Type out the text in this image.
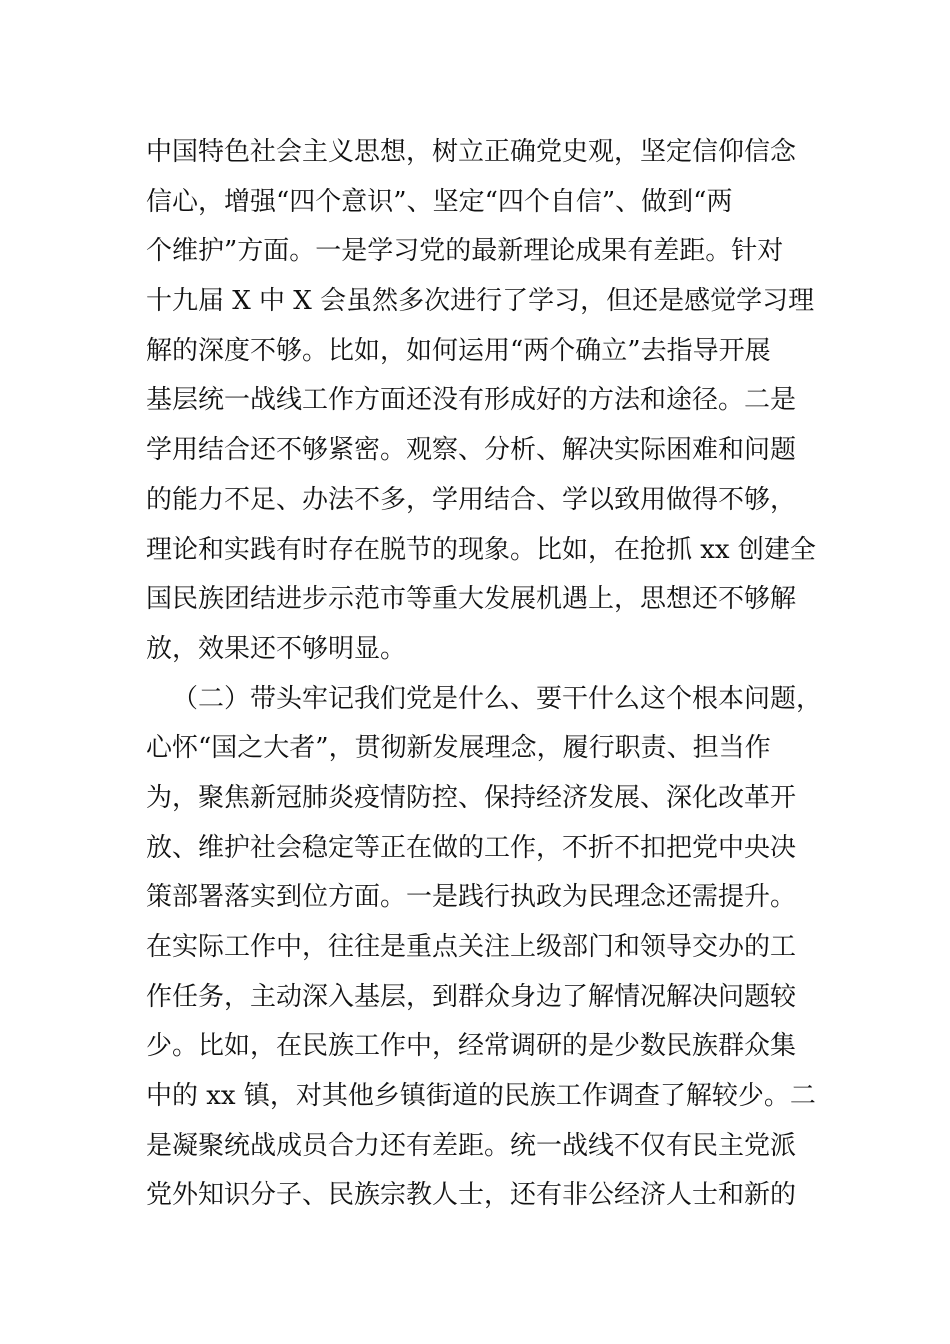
中国特色社会主义思想，树立正确党史观，坚定信仰信念
信心，增强“四个意识”、坚定“四个自信”、做到“两
个维护”方面。一是学习党的最新理论成果有差距。针对
十九届 X 中 X 会虽然多次进行了学习，但还是感觉学习理
解的深度不够。比如，如何运用“两个确立”去指导开展
基层统一战线工作方面还没有形成好的方法和途径。二是
学用结合还不够紧密。观察、分析、解决实际困难和问题
的能力不足、办法不多，学用结合、学以致用做得不够，
理论和实践有时存在脱节的现象。比如，在抢抓 xx 创建全
国民族团结进步示范市等重大发展机遇上，思想还不够解
放，效果还不够明显。
（二）带头牢记我们党是什么、要干什么这个根本问题，
心怀“国之大者”，贯彻新发展理念，履行职责、担当作
为，聚焦新冠肺炎疫情防控、保持经济发展、深化改革开
放、维护社会稳定等正在做的工作，不折不扣把党中央决
策部署落实到位方面。一是践行执政为民理念还需提升。
在实际工作中，往往是重点关注上级部门和领导交办的工
作任务，主动深入基层，到群众身边了解情况解决问题较
少。比如，在民族工作中，经常调研的是少数民族群众集
中的 xx 镇，对其他乡镇街道的民族工作调查了解较少。二
是凝聚统战成员合力还有差距。统一战线不仅有民主党派
党外知识分子、民族宗教人士，还有非公经济人士和新的
